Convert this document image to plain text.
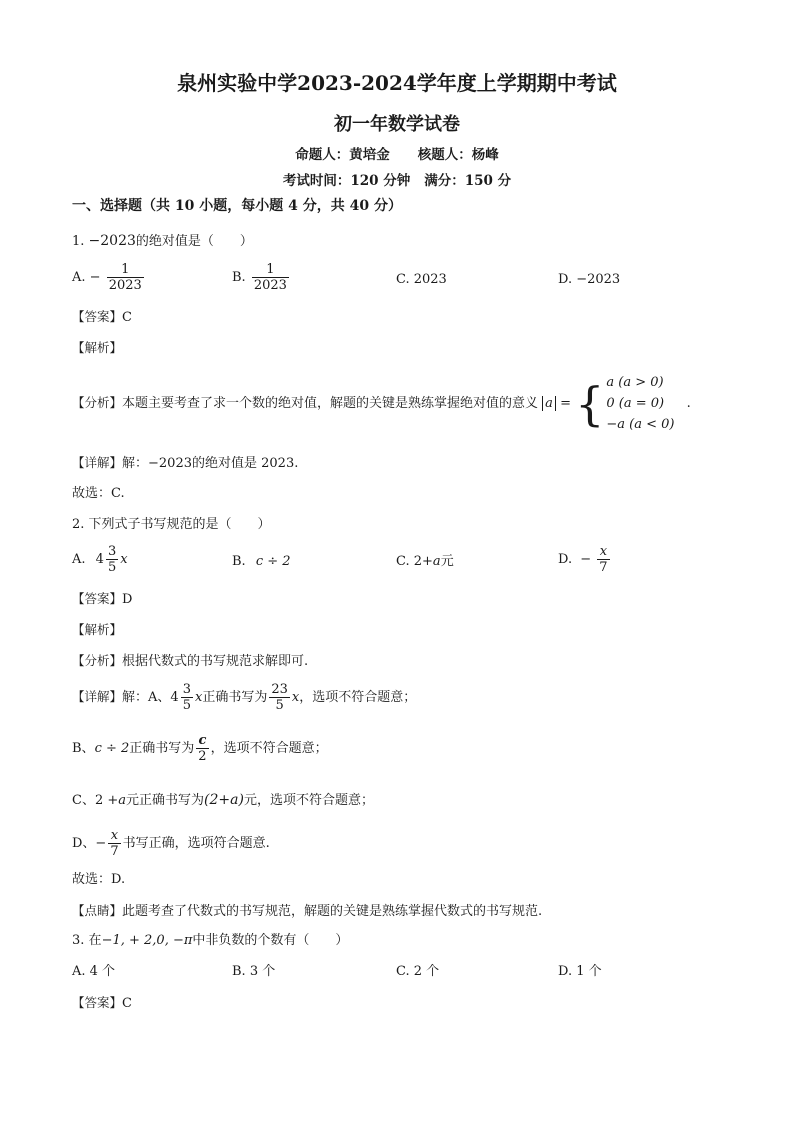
泉州实验中学2023-2024学年度上学期期中考试
初一年数学试卷
命题人：黄培金 核题人：杨峰
考试时间：120 分钟 满分：150 分
一、选择题（共 10 小题，每小题 4 分，共 40 分）
1. −2023的绝对值是（　　）
A. − $\frac{1}{2023}$	B. $\frac{1}{2023}$	C. 2023	D. −2023
【答案】C
【解析】
【分析】本题主要考查了求一个数的绝对值，解题的关键是熟练掌握绝对值的意义 a = { a (a > 0)
0 (a = 0)
−a (a < 0)
.
【详解】解：−2023的绝对值是 2023.
故选：C.
2. 下列式子书写规范的是（　　）
A. $4 \frac{3}{5}$ x	B. c ÷ 2	C. 2+a元	D. − $\frac{x}{7}$
【答案】D
【解析】
【分析】根据代数式的书写规范求解即可.
【详解】解：A、$4 \frac{3}{5}$ x正确书写为 $\frac{23}{5}$ x，选项不符合题意；
B、c ÷ 2正确书写为 $\frac{c}{2}$ ，选项不符合题意；
C、2 +a元正确书写为(2+a)元，选项不符合题意；
D、− $\frac{x}{7}$ 书写正确，选项符合题意.
故选：D.
【点睛】此题考查了代数式的书写规范，解题的关键是熟练掌握代数式的书写规范.
3. 在−1, + 2,0, −π中非负数的个数有（　　）
A. 4 个	B. 3 个	C. 2 个	D. 1 个
【答案】C
